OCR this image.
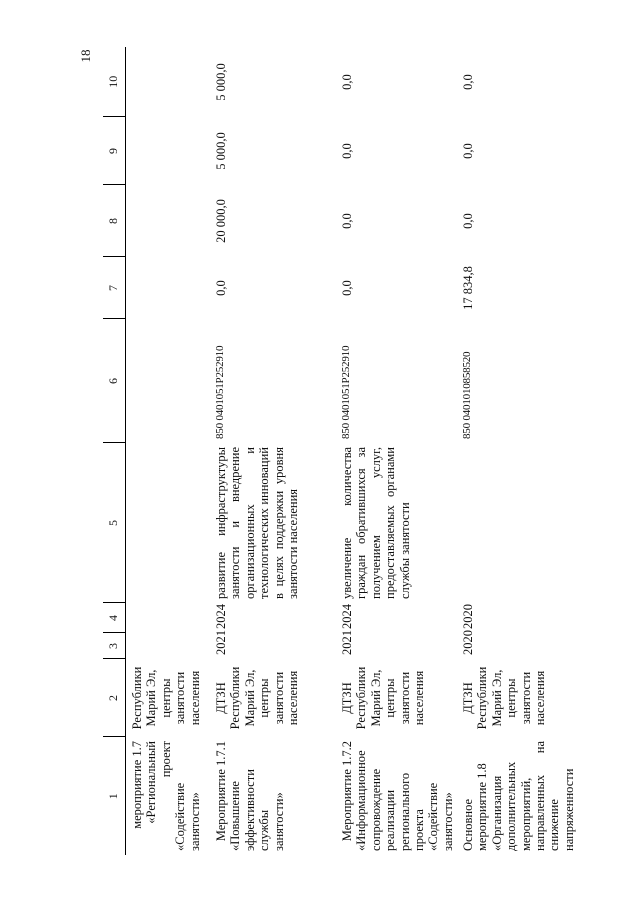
18
1	2	3	4	5	6	7	8	9	10

мероприятие 1.7 «Региональный проект
«Содействие занятости»	Республики Марий Эл, центры занятости населения								

Мероприятие 1.7.1 «Повышение эффективности службы занятости»	ДТЗН Республики Марий Эл, центры занятости населения	2021	2024	развитие инфраструктуры занятости и внедрение организационных и технологических инноваций в целях поддержки уровня занятости населения	850 0401051P252910	0,0	20 000,0	5 000,0	5 000,0

Мероприятие 1.7.2 «Информационное сопровождение реализации регионального проекта «Содействие занятости»	ДТЗН Республики Марий Эл, центры занятости населения	2021	2024	увеличение количества граждан обратившихся за получением услуг, предоставляемых органами службы занятости	850 0401051P252910	0,0	0,0	0,0	0,0

Основное мероприятие 1.8 «Организация дополнительных мероприятий, направленных на снижение напряженности	ДТЗН Республики Марий Эл, центры занятости населения	2020	2020		850 0401010858520	17 834,8	0,0	0,0	0,0
